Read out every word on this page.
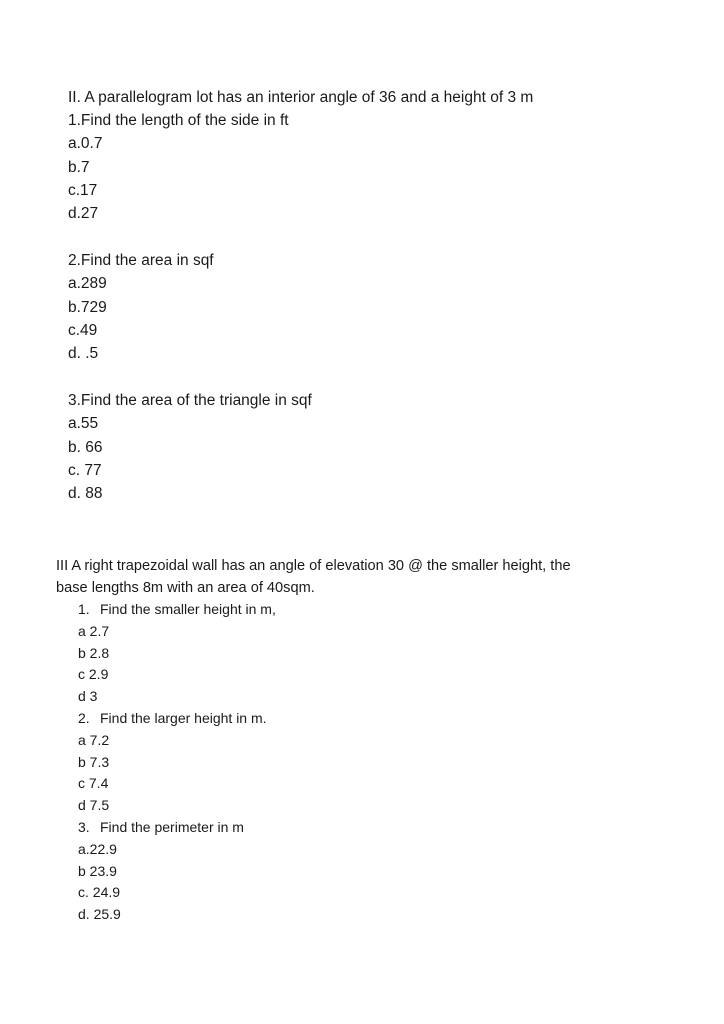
II. A parallelogram lot has an interior angle of 36 and a height of 3 m
1.Find the length of the side in ft
a.0.7
b.7
c.17
d.27
2.Find the area in sqf
a.289
b.729
c.49
d. .5
3.Find the area of the triangle in sqf
a.55
b. 66
c. 77
d. 88
III A right trapezoidal wall has an angle of elevation 30 @ the smaller height, the
base lengths 8m with an area of 40sqm.
1. Find the smaller height in m,
a 2.7
b 2.8
c 2.9
d 3
2. Find the larger height in m.
a 7.2
b 7.3
c 7.4
d 7.5
3. Find the perimeter in m
a.22.9
b 23.9
c. 24.9
d. 25.9
